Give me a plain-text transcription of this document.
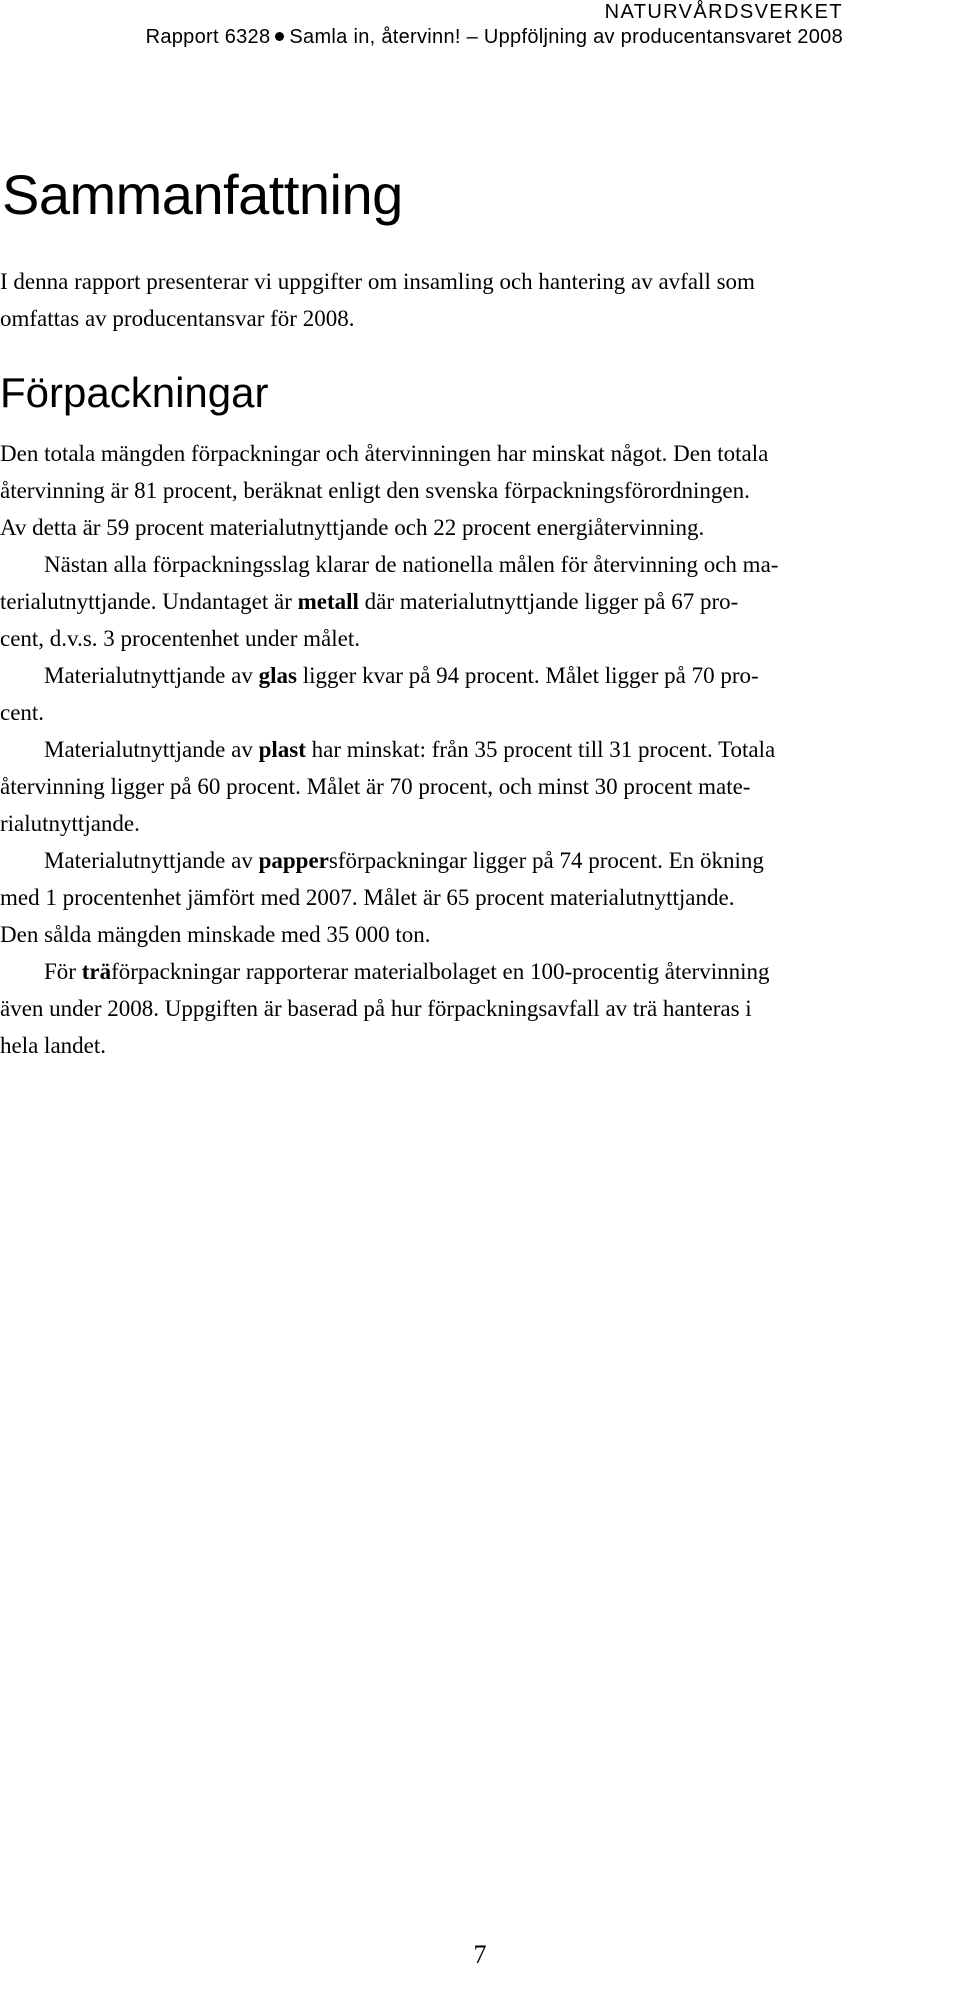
NATURVÅRDSVERKET
Rapport 6328 Samla in, återvinn! – Uppföljning av producentansvaret 2008
Sammanfattning

I denna rapport presenterar vi uppgifter om insamling och hantering av avfall som

omfattas av producentansvar för 2008.

Förpackningar

Den totala mängden förpackningar och återvinningen har minskat något. Den totala
återvinning är 81 procent, beräknat enligt den svenska förpackningsförordningen.
Av detta är 59 procent materialutnyttjande och 22 procent energiåtervinning.

Nästan alla förpackningsslag klarar de nationella målen för återvinning och ma-
terialutnyttjande. Undantaget är metall där materialutnyttjande ligger på 67 pro-
cent, d.v.s. 3 procentenhet under målet.

Materialutnyttjande av glas ligger kvar på 94 procent. Målet ligger på 70 pro-
cent.

Materialutnyttjande av plast har minskat: från 35 procent till 31 procent. Totala
återvinning ligger på 60 procent. Målet är 70 procent, och minst 30 procent mate-
rialutnyttjande.

Materialutnyttjande av pappersförpackningar ligger på 74 procent. En ökning
med 1 procentenhet jämfört med 2007. Målet är 65 procent materialutnyttjande.
Den sålda mängden minskade med 35 000 ton.

För träförpackningar rapporterar materialbolaget en 100-procentig återvinning
även under 2008. Uppgiften är baserad på hur förpackningsavfall av trä hanteras i
hela landet.

7
